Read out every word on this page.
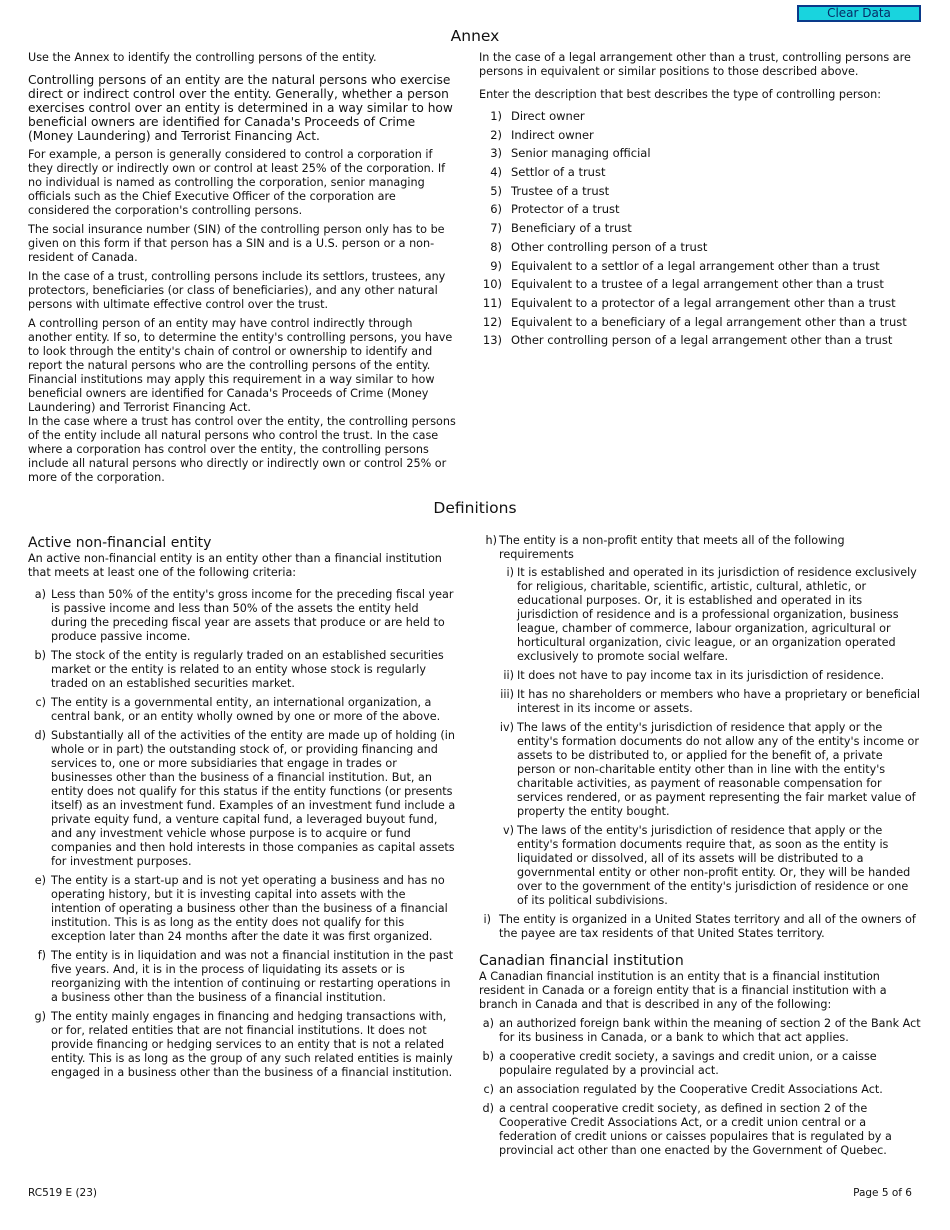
Clear Data
Annex

Use the Annex to identify the controlling persons of the entity.

Controlling persons of an entity are the natural persons who exercise direct or indirect control over the entity. Generally, whether a person exercises control over an entity is determined in a way similar to how beneficial owners are identified for Canada's Proceeds of Crime (Money Laundering) and Terrorist Financing Act.

For example, a person is generally considered to control a corporation if they directly or indirectly own or control at least 25% of the corporation. If no individual is named as controlling the corporation, senior managing officials such as the Chief Executive Officer of the corporation are considered the corporation's controlling persons.

The social insurance number (SIN) of the controlling person only has to be given on this form if that person has a SIN and is a U.S. person or a non-resident of Canada.

In the case of a trust, controlling persons include its settlors, trustees, any protectors, beneficiaries (or class of beneficiaries), and any other natural persons with ultimate effective control over the trust.

A controlling person of an entity may have control indirectly through another entity. If so, to determine the entity's controlling persons, you have to look through the entity's chain of control or ownership to identify and report the natural persons who are the controlling persons of the entity. Financial institutions may apply this requirement in a way similar to how beneficial owners are identified for Canada's Proceeds of Crime (Money Laundering) and Terrorist Financing Act.

In the case where a trust has control over the entity, the controlling persons of the entity include all natural persons who control the trust. In the case where a corporation has control over the entity, the controlling persons include all natural persons who directly or indirectly own or control 25% or more of the corporation.

In the case of a legal arrangement other than a trust, controlling persons are persons in equivalent or similar positions to those described above.

Enter the description that best describes the type of controlling person:

1) Direct owner
2) Indirect owner
3) Senior managing official
4) Settlor of a trust
5) Trustee of a trust
6) Protector of a trust
7) Beneficiary of a trust
8) Other controlling person of a trust
9) Equivalent to a settlor of a legal arrangement other than a trust
10) Equivalent to a trustee of a legal arrangement other than a trust
11) Equivalent to a protector of a legal arrangement other than a trust
12) Equivalent to a beneficiary of a legal arrangement other than a trust
13) Other controlling person of a legal arrangement other than a trust
Definitions
Active non-financial entity

An active non-financial entity is an entity other than a financial institution that meets at least one of the following criteria:

a) Less than 50% of the entity's gross income for the preceding fiscal year is passive income and less than 50% of the assets the entity held during the preceding fiscal year are assets that produce or are held to produce passive income.
b) The stock of the entity is regularly traded on an established securities market or the entity is related to an entity whose stock is regularly traded on an established securities market.
c) The entity is a governmental entity, an international organization, a central bank, or an entity wholly owned by one or more of the above.
d) Substantially all of the activities of the entity are made up of holding (in whole or in part) the outstanding stock of, or providing financing and services to, one or more subsidiaries that engage in trades or businesses other than the business of a financial institution. But, an entity does not qualify for this status if the entity functions (or presents itself) as an investment fund. Examples of an investment fund include a private equity fund, a venture capital fund, a leveraged buyout fund, and any investment vehicle whose purpose is to acquire or fund companies and then hold interests in those companies as capital assets for investment purposes.
e) The entity is a start-up and is not yet operating a business and has no operating history, but it is investing capital into assets with the intention of operating a business other than the business of a financial institution. This is as long as the entity does not qualify for this exception later than 24 months after the date it was first organized.
f) The entity is in liquidation and was not a financial institution in the past five years. And, it is in the process of liquidating its assets or is reorganizing with the intention of continuing or restarting operations in a business other than the business of a financial institution.
g) The entity mainly engages in financing and hedging transactions with, or for, related entities that are not financial institutions. It does not provide financing or hedging services to an entity that is not a related entity. This is as long as the group of any such related entities is mainly engaged in a business other than the business of a financial institution.
h) The entity is a non-profit entity that meets all of the following requirements
i) It is established and operated in its jurisdiction of residence exclusively for religious, charitable, scientific, artistic, cultural, athletic, or educational purposes. Or, it is established and operated in its jurisdiction of residence and is a professional organization, business league, chamber of commerce, labour organization, agricultural or horticultural organization, civic league, or an organization operated exclusively to promote social welfare.
ii) It does not have to pay income tax in its jurisdiction of residence.
iii) It has no shareholders or members who have a proprietary or beneficial interest in its income or assets.
iv) The laws of the entity's jurisdiction of residence that apply or the entity's formation documents do not allow any of the entity's income or assets to be distributed to, or applied for the benefit of, a private person or non-charitable entity other than in line with the entity's charitable activities, as payment of reasonable compensation for services rendered, or as payment representing the fair market value of property the entity bought.
v) The laws of the entity's jurisdiction of residence that apply or the entity's formation documents require that, as soon as the entity is liquidated or dissolved, all of its assets will be distributed to a governmental entity or other non-profit entity. Or, they will be handed over to the government of the entity's jurisdiction of residence or one of its political subdivisions.
i) The entity is organized in a United States territory and all of the owners of the payee are tax residents of that United States territory.
Canadian financial institution

A Canadian financial institution is an entity that is a financial institution resident in Canada or a foreign entity that is a financial institution with a branch in Canada and that is described in any of the following:

a) an authorized foreign bank within the meaning of section 2 of the Bank Act for its business in Canada, or a bank to which that act applies.
b) a cooperative credit society, a savings and credit union, or a caisse populaire regulated by a provincial act.
c) an association regulated by the Cooperative Credit Associations Act.
d) a central cooperative credit society, as defined in section 2 of the Cooperative Credit Associations Act, or a credit union central or a federation of credit unions or caisses populaires that is regulated by a provincial act other than one enacted by the Government of Quebec.
RC519 E (23)	Page 5 of 6
